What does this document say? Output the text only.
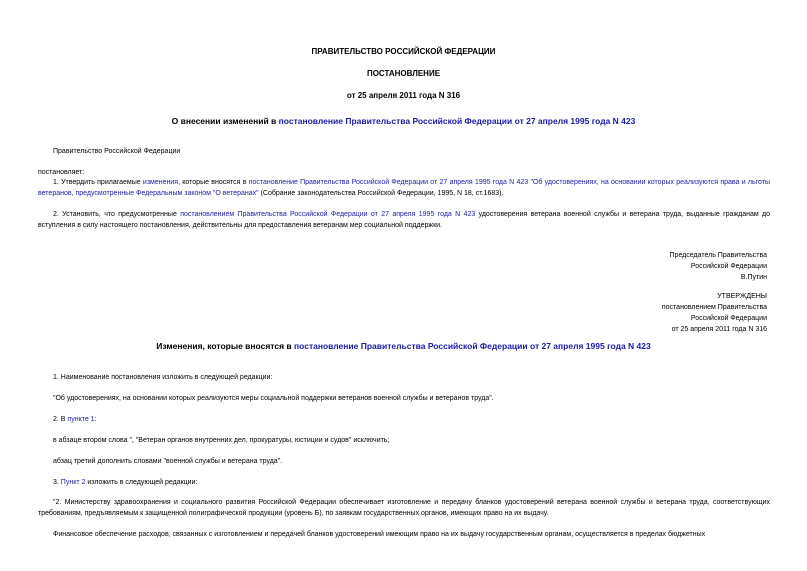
ПРАВИТЕЛЬСТВО РОССИЙСКОЙ ФЕДЕРАЦИИ
ПОСТАНОВЛЕНИЕ
от 25 апреля 2011 года N 316
О внесении изменений в постановление Правительства Российской Федерации от 27 апреля 1995 года N 423
Правительство Российской Федерации
постановляет:
1. Утвердить прилагаемые изменения, которые вносятся в постановление Правительства Российской Федерации от 27 апреля 1995 года N 423 "Об удостоверениях, на основании которых реализуются права и льготы ветеранов, предусмотренные Федеральным законом "О ветеранах" (Собрание законодательства Российской Федерации, 1995, N 18, ст.1683).
2. Установить, что предусмотренные постановлением Правительства Российской Федерации от 27 апреля 1995 года N 423 удостоверения ветерана военной службы и ветерана труда, выданные гражданам до вступления в силу настоящего постановления, действительны для предоставления ветеранам мер социальной поддержки.
Председатель Правительства
Российской Федерации
В.Путин
УТВЕРЖДЕНЫ
постановлением Правительства
Российской Федерации
от 25 апреля 2011 года N 316
Изменения, которые вносятся в постановление Правительства Российской Федерации от 27 апреля 1995 года N 423
1. Наименование постановления изложить в следующей редакции:
"Об удостоверениях, на основании которых реализуются меры социальной поддержки ветеранов военной службы и ветеранов труда".
2. В пункте 1:
в абзаце втором слова ", "Ветеран органов внутренних дел, прокуратуры, юстиции и судов" исключить;
абзац третий дополнить словами "военной службы и ветерана труда".
3. Пункт 2 изложить в следующей редакции:
"2. Министерству здравоохранения и социального развития Российской Федерации обеспечивает изготовление и передачу бланков удостоверений ветерана военной службы и ветерана труда, соответствующих требованиям, предъявляемым к защищенной полиграфической продукции (уровень Б), по заявкам государственных органов, имеющих право на их выдачу.
Финансовое обеспечение расходов, связанных с изготовлением и передачей бланков удостоверений имеющим право на их выдачу государственным органам, осуществляется в пределах бюджетных
